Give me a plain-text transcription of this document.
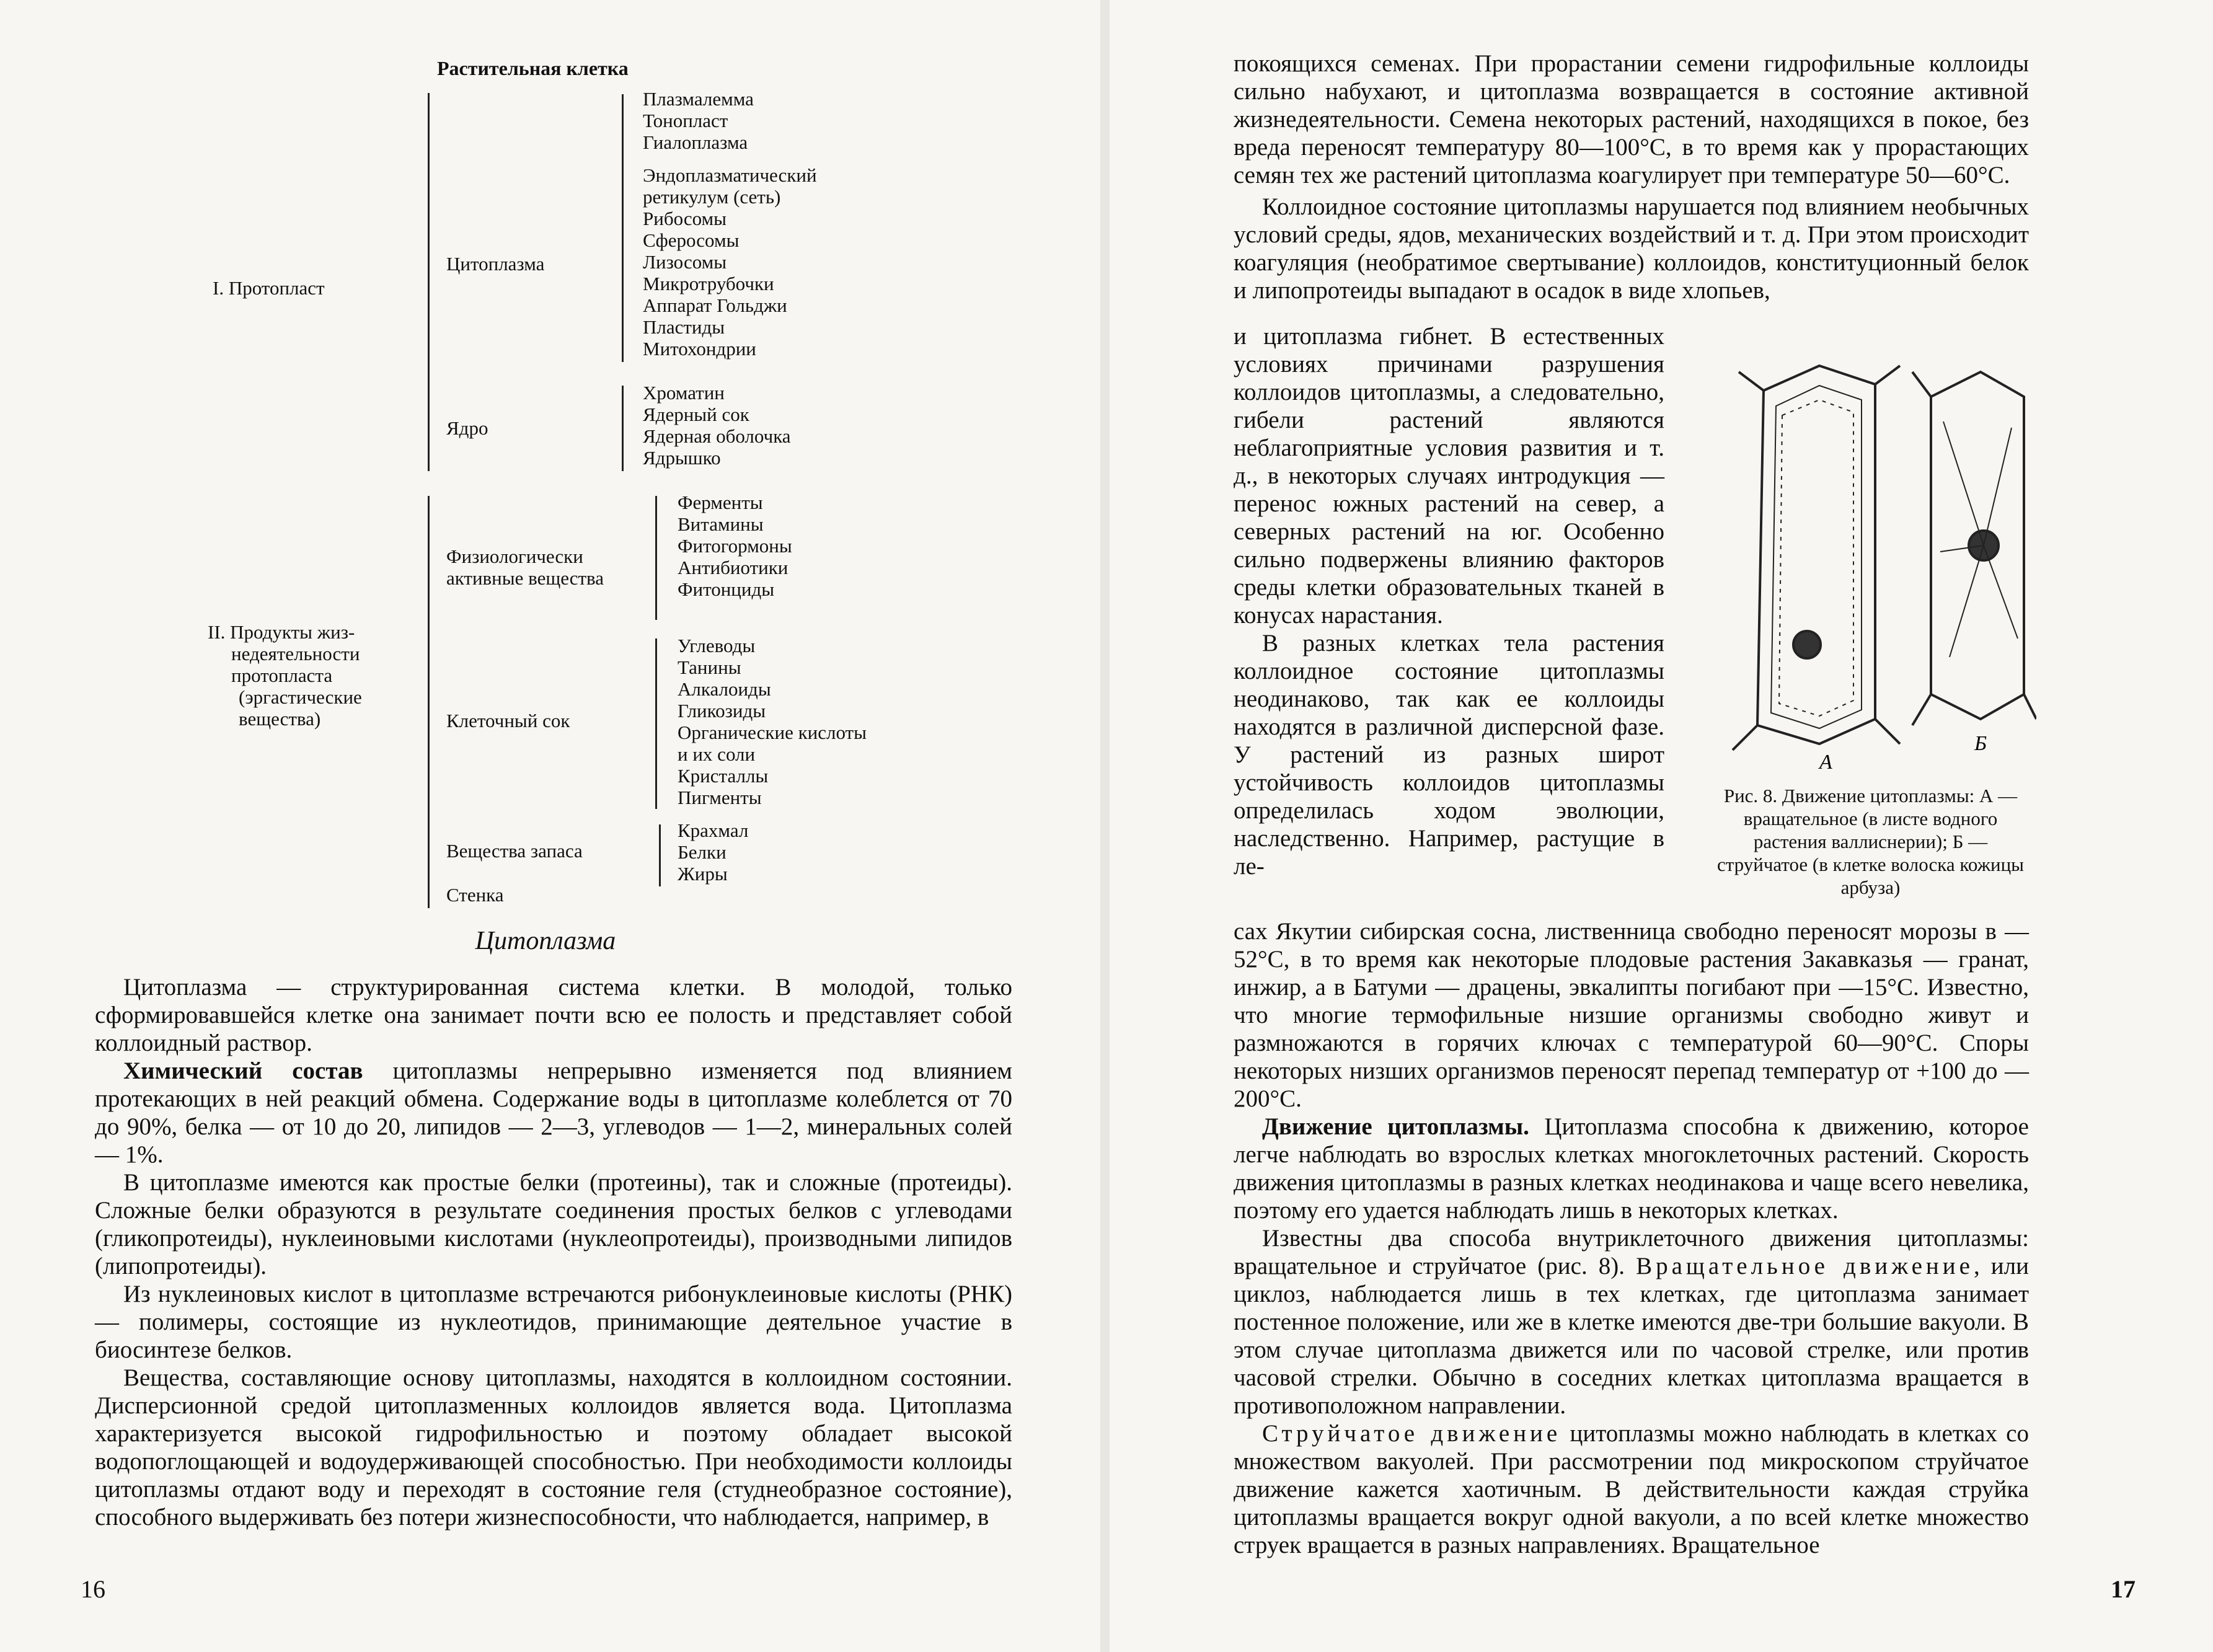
Растительная клетка
I. Протопласт
Цитоплазма
Плазмалемма
Тонопласт
Гиалоплазма
Эндоплазматический
ретикулум (сеть)
Рибосомы
Сферосомы
Лизосомы
Микротрубочки
Аппарат Гольджи
Пластиды
Митохондрии
Ядро
Хроматин
Ядерный сок
Ядерная оболочка
Ядрышко
II. Продукты жиз-
недеятельности
протопласта
(эргастические
вещества)
Физиологически
активные вещества
Ферменты
Витамины
Фитогормоны
Антибиотики
Фитонциды
Клеточный сок
Углеводы
Танины
Алкалоиды
Гликозиды
Органические кислоты
и их соли
Кристаллы
Пигменты
Вещества запаса
Крахмал
Белки
Жиры
Стенка
Цитоплазма

Цитоплазма — структурированная система клетки. В молодой, только сформировавшейся клетке она занимает почти всю ее полость и представляет собой коллоидный раствор.

Химический состав цитоплазмы непрерывно изменяется под влиянием протекающих в ней реакций обмена. Содержание воды в цитоплазме колеблется от 70 до 90%, белка — от 10 до 20, липидов — 2—3, углеводов — 1—2, минеральных солей — 1%.

В цитоплазме имеются как простые белки (протеины), так и сложные (протеиды). Сложные белки образуются в результате соединения простых белков с углеводами (гликопротеиды), нуклеиновыми кислотами (нуклеопротеиды), производными липидов (липопротеиды).

Из нуклеиновых кислот в цитоплазме встречаются рибонуклеиновые кислоты (РНК) — полимеры, состоящие из нуклеотидов, принимающие деятельное участие в биосинтезе белков.

Вещества, составляющие основу цитоплазмы, находятся в коллоидном состоянии. Дисперсионной средой цитоплазменных коллоидов является вода. Цитоплазма характеризуется высокой гидрофильностью и поэтому обладает высокой водопоглощающей и водоудерживающей способностью. При необходимости коллоиды цитоплазмы отдают воду и переходят в состояние геля (студнеобразное состояние), способного выдерживать без потери жизнеспособности, что наблюдается, например, в

16

покоящихся семенах. При прорастании семени гидрофильные коллоиды сильно набухают, и цитоплазма возвращается в состояние активной жизнедеятельности. Семена некоторых растений, находящихся в покое, без вреда переносят температуру 80—100°С, в то время как у прорастающих семян тех же растений цитоплазма коагулирует при температуре 50—60°С.

Коллоидное состояние цитоплазмы нарушается под влиянием необычных условий среды, ядов, механических воздействий и т. д. При этом происходит коагуляция (необратимое свертывание) коллоидов, конституционный белок и липопротеиды выпадают в осадок в виде хлопьев,

и цитоплазма гибнет. В естественных условиях причинами разрушения коллоидов цитоплазмы, а следовательно, гибели растений являются неблагоприятные условия развития и т. д., в некоторых случаях интродукция — перенос южных растений на север, а северных растений на юг. Особенно сильно подвержены влиянию факторов среды клетки образовательных тканей в конусах нарастания.

В разных клетках тела растения коллоидное состояние цитоплазмы неодинаково, так как ее коллоиды находятся в различной дисперсной фазе. У растений из разных широт устойчивость коллоидов цитоплазмы определилась ходом эволюции, наследственно. Например, растущие в ле-

А
Б
Рис. 8. Движение цитоплазмы: А — вращательное (в листе водного растения валлиснерии); Б — струйчатое (в клетке волоска кожицы арбуза)

сах Якутии сибирская сосна, лиственница свободно переносят морозы в —52°С, в то время как некоторые плодовые растения Закавказья — гранат, инжир, а в Батуми — драцены, эвкалипты погибают при —15°С. Известно, что многие термофильные низшие организмы свободно живут и размножаются в горячих ключах с температурой 60—90°С. Споры некоторых низших организмов переносят перепад температур от +100 до —200°С.

Движение цитоплазмы. Цитоплазма способна к движению, которое легче наблюдать во взрослых клетках многоклеточных растений. Скорость движения цитоплазмы в разных клетках неодинакова и чаще всего невелика, поэтому его удается наблюдать лишь в некоторых клетках.

Известны два способа внутриклеточного движения цитоплазмы: вращательное и струйчатое (рис. 8). Вращательное движение, или циклоз, наблюдается лишь в тех клетках, где цитоплазма занимает постенное положение, или же в клетке имеются две-три большие вакуоли. В этом случае цитоплазма движется или по часовой стрелке, или против часовой стрелки. Обычно в соседних клетках цитоплазма вращается в противоположном направлении.

Струйчатое движение цитоплазмы можно наблюдать в клетках со множеством вакуолей. При рассмотрении под микроскопом струйчатое движение кажется хаотичным. В действительности каждая струйка цитоплазмы вращается вокруг одной вакуоли, а по всей клетке множество струек вращается в разных направлениях. Вращательное

17
